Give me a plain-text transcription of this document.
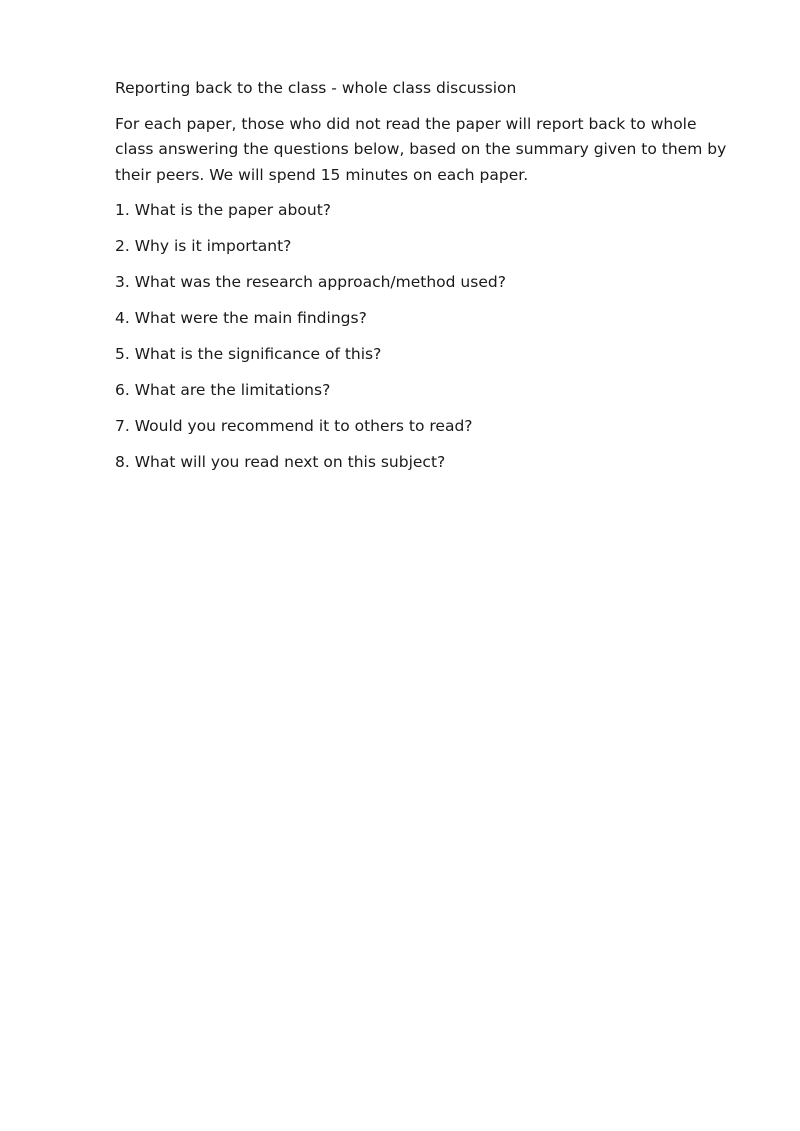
Reporting back to the class - whole class discussion

For each paper, those who did not read the paper will report back to whole class answering the questions below, based on the summary given to them by their peers. We will spend 15 minutes on each paper.

1. What is the paper about?
2. Why is it important?
3. What was the research approach/method used?
4. What were the main findings?
5. What is the significance of this?
6. What are the limitations?
7. Would you recommend it to others to read?
8. What will you read next on this subject?
